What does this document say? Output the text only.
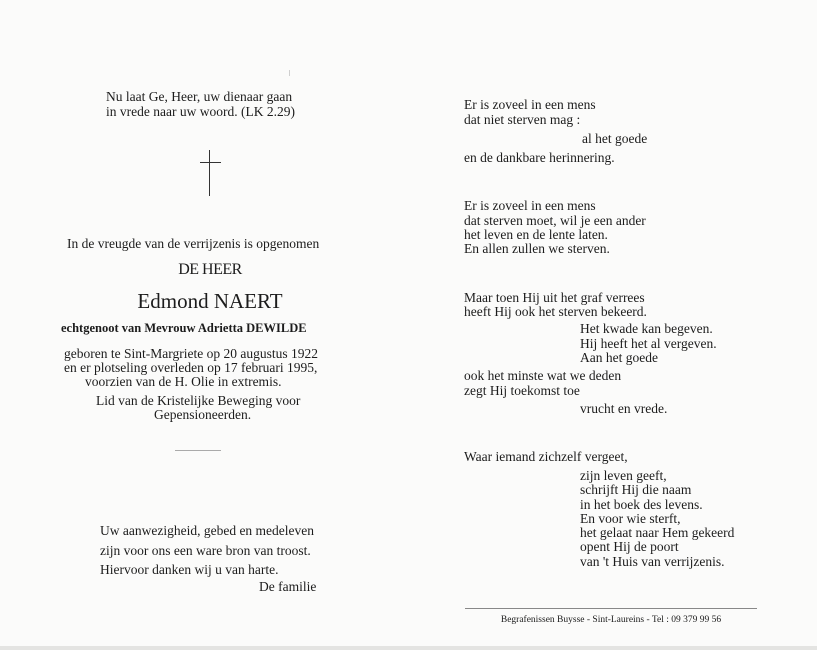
Nu laat Ge, Heer, uw dienaar gaan
in vrede naar uw woord. (LK 2.29)
In de vreugde van de verrijzenis is opgenomen
DE HEER
Edmond NAERT
echtgenoot van Mevrouw Adrietta DEWILDE
geboren te Sint-Margriete op 20 augustus 1922
en er plotseling overleden op 17 februari 1995,
voorzien van de H. Olie in extremis.
Lid van de Kristelijke Beweging voor
Gepensioneerden.
Uw aanwezigheid, gebed en medeleven
zijn voor ons een ware bron van troost.
Hiervoor danken wij u van harte.
De familie
Er is zoveel in een mens
dat niet sterven mag :
al het goede
en de dankbare herinnering.
Er is zoveel in een mens
dat sterven moet, wil je een ander
het leven en de lente laten.
En allen zullen we sterven.
Maar toen Hij uit het graf verrees
heeft Hij ook het sterven bekeerd.
Het kwade kan begeven.
Hij heeft het al vergeven.
Aan het goede
ook het minste wat we deden
zegt Hij toekomst toe
vrucht en vrede.
Waar iemand zichzelf vergeet,
zijn leven geeft,
schrijft Hij die naam
in het boek des levens.
En voor wie sterft,
het gelaat naar Hem gekeerd
opent Hij de poort
van 't Huis van verrijzenis.
Begrafenissen Buysse - Sint-Laureins - Tel : 09 379 99 56
